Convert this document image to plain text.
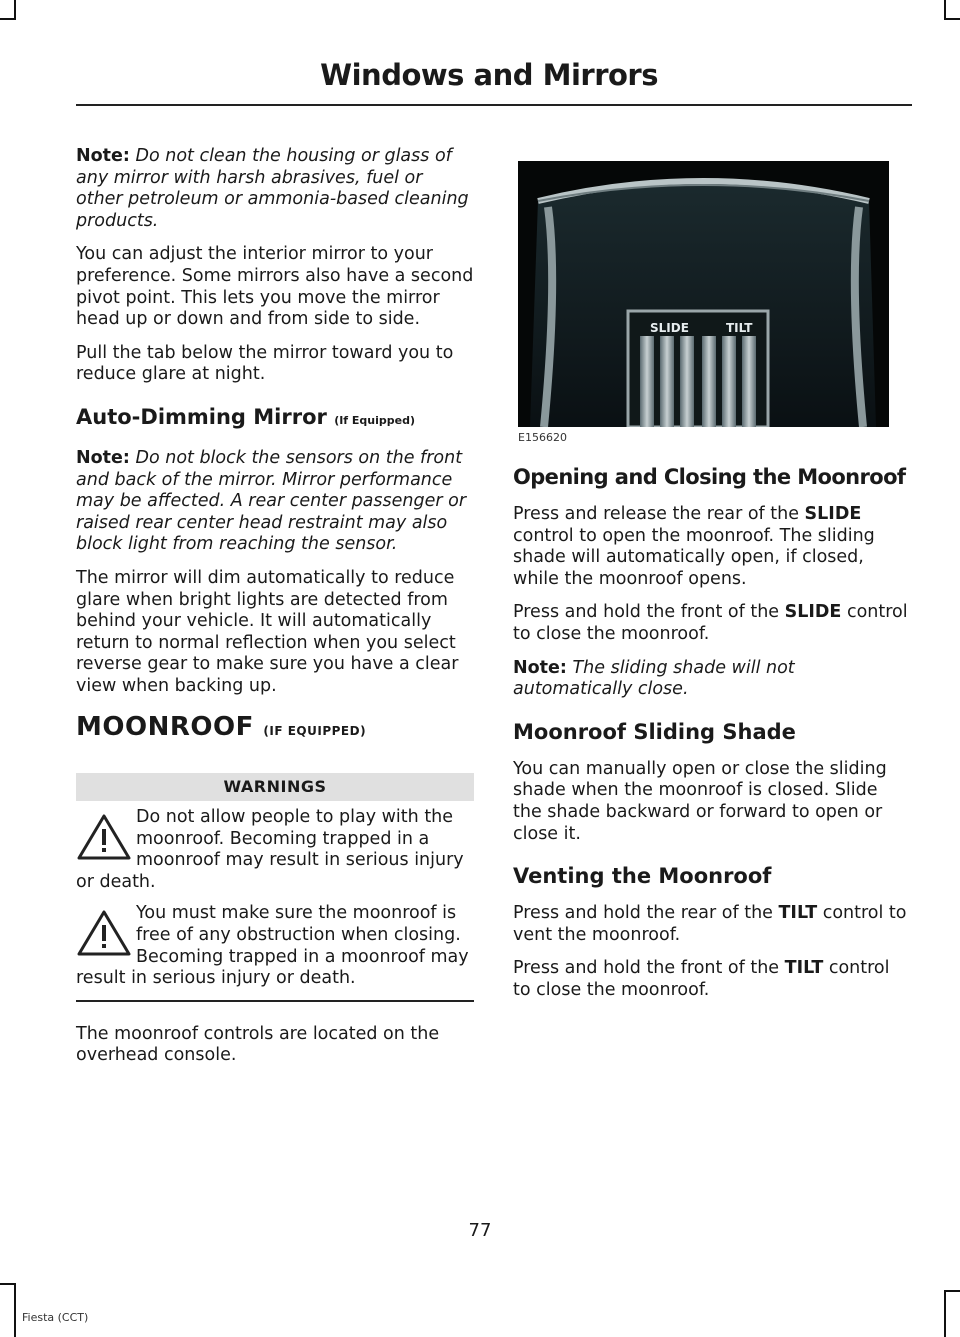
Windows and Mirrors

Note: Do not clean the housing or glass of any mirror with harsh abrasives, fuel or other petroleum or ammonia-based cleaning products.

You can adjust the interior mirror to your preference. Some mirrors also have a second pivot point. This lets you move the mirror head up or down and from side to side.

Pull the tab below the mirror toward you to reduce glare at night.

Auto-Dimming Mirror (If Equipped)

Note: Do not block the sensors on the front and back of the mirror. Mirror performance may be affected. A rear center passenger or raised rear center head restraint may also block light from reaching the sensor.

The mirror will dim automatically to reduce glare when bright lights are detected from behind your vehicle. It will automatically return to normal reflection when you select reverse gear to make sure you have a clear view when backing up.

MOONROOF (IF EQUIPPED)
WARNINGS
Do not allow people to play with the moonroof. Becoming trapped in a moonroof may result in serious injury or death.
You must make sure the moonroof is free of any obstruction when closing. Becoming trapped in a moonroof may result in serious injury or death.

The moonroof controls are located on the overhead console.

SLIDE	TILT
E156620
Opening and Closing the Moonroof

Press and release the rear of the SLIDE control to open the moonroof. The sliding shade will automatically open, if closed, while the moonroof opens.

Press and hold the front of the SLIDE control to close the moonroof.

Note: The sliding shade will not automatically close.

Moonroof Sliding Shade

You can manually open or close the sliding shade when the moonroof is closed. Slide the shade backward or forward to open or close it.

Venting the Moonroof

Press and hold the rear of the TILT control to vent the moonroof.

Press and hold the front of the TILT control to close the moonroof.

77
Fiesta (CCT)
